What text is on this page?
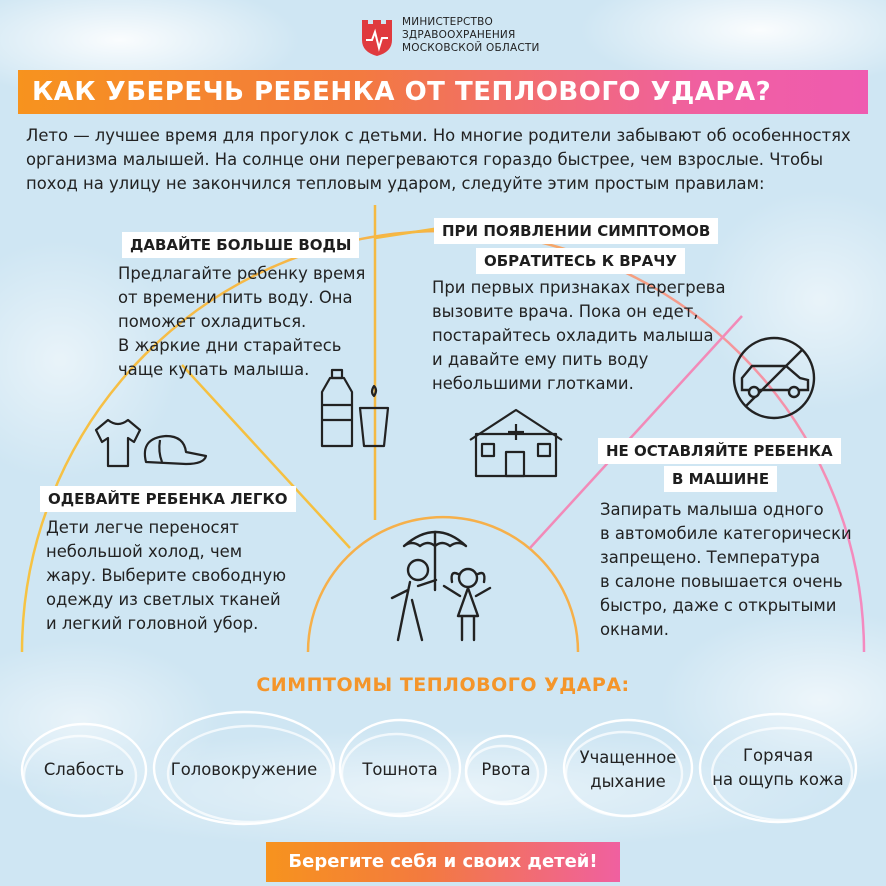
МИНИСТЕРСТВО
ЗДРАВООХРАНЕНИЯ
МОСКОВСКОЙ ОБЛАСТИ
КАК УБЕРЕЧЬ РЕБЕНКА ОТ ТЕПЛОВОГО УДАРА?
Лето — лучшее время для прогулок с детьми. Но многие родители забывают об особенностях
организма малышей. На солнце они перегреваются гораздо быстрее, чем взрослые. Чтобы
поход на улицу не закончился тепловым ударом, следуйте этим простым правилам:
ДАВАЙТЕ БОЛЬШЕ ВОДЫ
Предлагайте ребенку время
от времени пить воду. Она
поможет охладиться.
В жаркие дни старайтесь
чаще купать малыша.
ПРИ ПОЯВЛЕНИИ СИМПТОМОВ
ОБРАТИТЕСЬ К ВРАЧУ
При первых признаках перегрева
вызовите врача. Пока он едет,
постарайтесь охладить малыша
и давайте ему пить воду
небольшими глотками.
ОДЕВАЙТЕ РЕБЕНКА ЛЕГКО
Дети легче переносят
небольшой холод, чем
жару. Выберите свободную
одежду из светлых тканей
и легкий головной убор.
НЕ ОСТАВЛЯЙТЕ РЕБЕНКА
В МАШИНЕ
Запирать малыша одного
в автомобиле категорически
запрещено. Температура
в салоне повышается очень
быстро, даже с открытыми
окнами.
СИМПТОМЫ ТЕПЛОВОГО УДАРА:
Слабость	Головокружение	Тошнота	Рвота
Учащенное
дыхание
Горячая
на ощупь кожа
Берегите себя и своих детей!
